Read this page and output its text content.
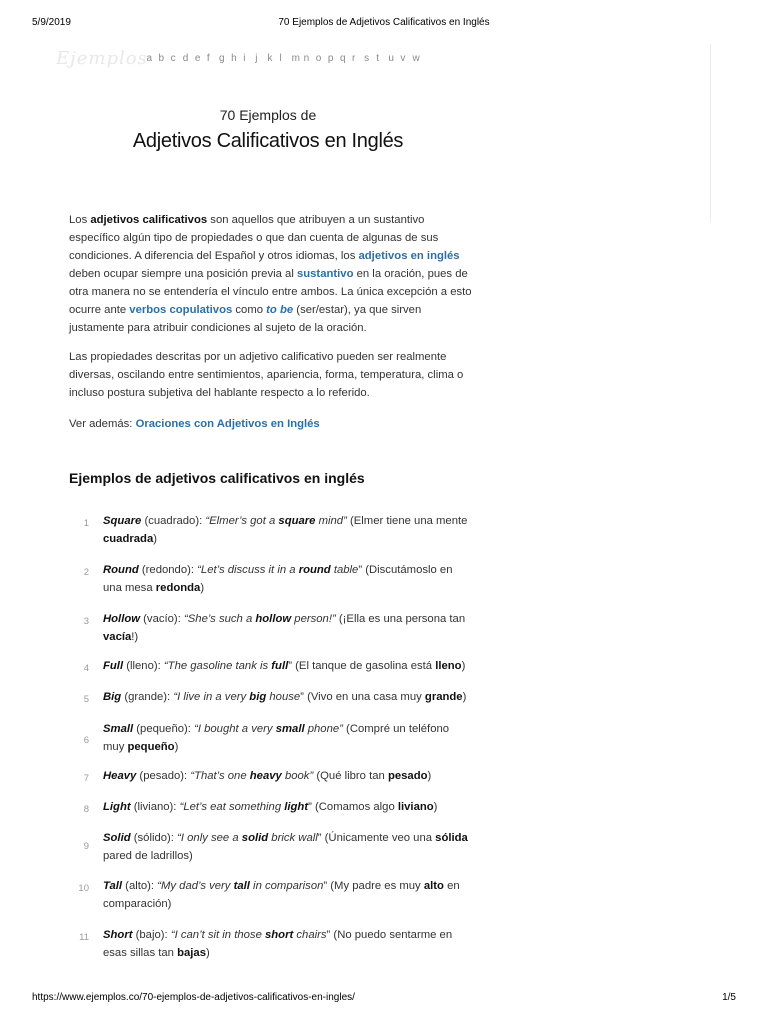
5/9/2019	70 Ejemplos de Adjetivos Calificativos en Inglés
Ejemplos a b c d e f g h i j k l m n o p q r s t u v w
70 Ejemplos de
Adjetivos Calificativos en Inglés

Los adjetivos calificativos son aquellos que atribuyen a un sustantivo específico algún tipo de propiedades o que dan cuenta de algunas de sus condiciones. A diferencia del Español y otros idiomas, los adjetivos en inglés deben ocupar siempre una posición previa al sustantivo en la oración, pues de otra manera no se entendería el vínculo entre ambos. La única excepción a esto ocurre ante verbos copulativos como to be (ser/estar), ya que sirven justamente para atribuir condiciones al sujeto de la oración.

Las propiedades descritas por un adjetivo calificativo pueden ser realmente diversas, oscilando entre sentimientos, apariencia, forma, temperatura, clima o incluso postura subjetiva del hablante respecto a lo referido.

Ver además: Oraciones con Adjetivos en Inglés

Ejemplos de adjetivos calificativos en inglés
1 Square (cuadrado): “Elmer’s got a square mind” (Elmer tiene una mente cuadrada)
2 Round (redondo): “Let’s discuss it in a round table” (Discutámoslo en una mesa redonda)
3 Hollow (vacío): “She’s such a hollow person!” (¡Ella es una persona tan vacía!)
4 Full (lleno): “The gasoline tank is full” (El tanque de gasolina está lleno)
5 Big (grande): “I live in a very big house” (Vivo en una casa muy grande)
6
Small (pequeño): “I bought a very small phone” (Compré un teléfono muy pequeño)
7 Heavy (pesado): “That’s one heavy book” (Qué libro tan pesado)
8 Light (liviano): “Let’s eat something light” (Comamos algo liviano)
9
Solid (sólido): “I only see a solid brick wall” (Únicamente veo una sólida pared de ladrillos)
10 Tall (alto): “My dad’s very tall in comparison” (My padre es muy alto en comparación)
11 Short (bajo): “I can’t sit in those short chairs” (No puedo sentarme en esas sillas tan bajas)
https://www.ejemplos.co/70-ejemplos-de-adjetivos-calificativos-en-ingles/	1/5
